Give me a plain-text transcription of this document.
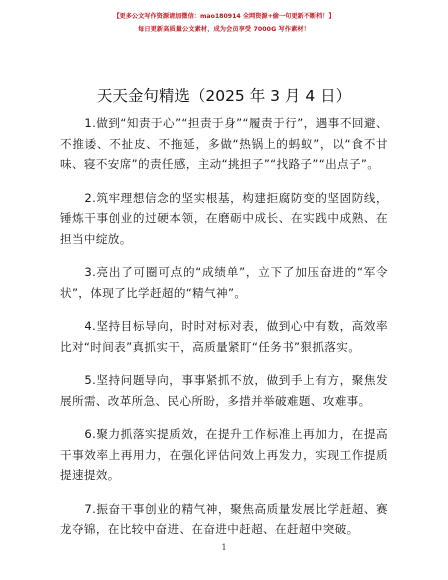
【更多公文写作资源请加微信：mao180914 全网资源+偷一句更新不断档！】
每日更新高质量公文素材，成为会员享受 7000G 写作素材！
天天金句精选（2025 年 3 月 4 日）

1.做到“知责于心”“担责于身”“履责于行”，遇事不回避、不推诿、不扯皮、不拖延，多做“热锅上的蚂蚁”，以“食不甘味、寝不安席”的责任感，主动“挑担子”“找路子”“出点子”。

2.筑牢理想信念的坚实根基，构建拒腐防变的坚固防线，锤炼干事创业的过硬本领，在磨砺中成长、在实践中成熟、在担当中绽放。

3.亮出了可圈可点的“成绩单”，立下了加压奋进的“军令状”，体现了比学赶超的“精气神”。

4.坚持目标导向，时时对标对表，做到心中有数，高效率比对“时间表”真抓实干，高质量紧盯“任务书”狠抓落实。

5.坚持问题导向，事事紧抓不放，做到手上有方，聚焦发展所需、改革所急、民心所盼，多措并举破难题、攻难事。

6.聚力抓落实提质效，在提升工作标准上再加力，在提高干事效率上再用力，在强化评估问效上再发力，实现工作提质提速提效。

7.振奋干事创业的精气神，聚焦高质量发展比学赶超、赛龙夺锦，在比较中奋进、在奋进中赶超、在赶超中突破。

1
